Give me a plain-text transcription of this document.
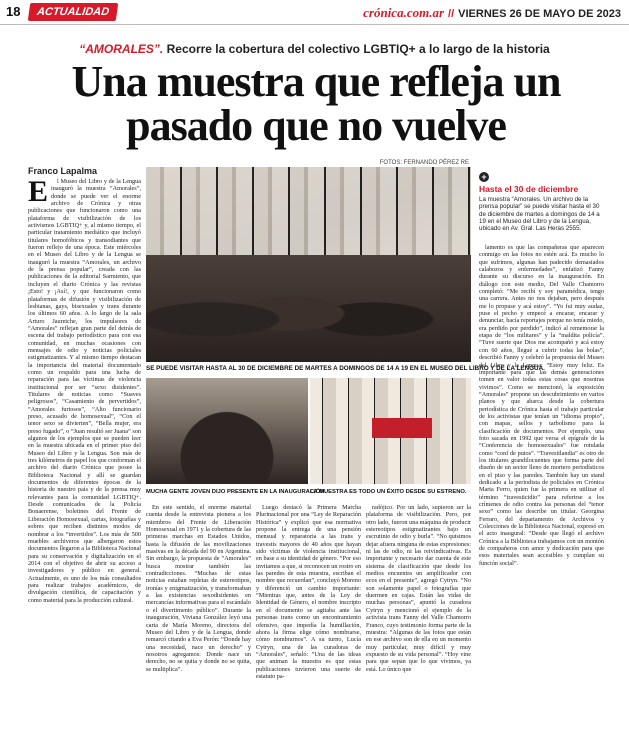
18	ACTUALIDAD	crónica.com.ar // VIERNES 26 DE MAYO DE 2023
“AMORALES”. Recorre la cobertura del colectivo LGBTIQ+ a lo largo de la historia
Una muestra que refleja un pasado que no vuelve
Franco Lapalma
E	l Museo del Libro y de la Lengua inauguró la muestra “Amorales”, donde se puede ver el enorme archivo de Crónica y otras publicaciones que funcionaron como una plataforma de visibilización de los activismos LGBTIQ+ y, al mismo tiempo, el particular tratamiento mediático que incluyó titulares homofóbicos y transodiantes que fueron reflejo de una época. Este miércoles en el Museo del Libro y de la Lengua se inauguró la muestra “Amorales, un archivo de la prensa popular”, creada con las publicaciones de la editorial Sarmiento, que incluyen el diario Crónica y las revistas ¡Esto! y ¡Así!, y que funcionaron como plataformas de difusión y visibilización de lesbianas, gays, bisexuales y trans durante los últimos 60 años. A lo largo de la sala Arturo Jauretche, los impulsores de “Amorales” reflejan gran parte del detrás de escena del trabajo periodístico para con esa comunidad, en muchas ocasiones con mensajes de odio y noticias policiales estigmatizantes. Y al mismo tiempo destacan la importancia del material documentado como un respaldo para una lucha de reparación para las víctimas de violencia institucional por ser “sexo disidentes”. Titulares de noticias como “Suaves peligrosos”, “Casamiento de pervertidos”, “Amorales furiosos”, “Alto funcionario preso, acusado de homosexual”, “Con el tenor sexo se divierten”, “Bella mujer, era preso fugado”, o “Juan resultó ser Juana” son algunos de los ejemplos que se pueden leer en la muestra ubicada en el primer piso del Museo del Libro y la Lengua. Son más de tres kilómetros de papel los que conforman el archivo del diario Crónica que posee la Biblioteca Nacional y allí se guardan documentos de diferentes épocas de la historia de nuestro país y de la prensa muy relevantes para la comunidad LGBTIQ+. Desde comunicados de la Policía Bonaerense, boletines del Frente de Liberación Homosexual, cartas, fotografías y sobres que reciben distintos modos de nombrar a los “invertidos”. Los más de 500 muebles archiveros que albergaron estos documentos llegaron a la Biblioteca Nacional para su conservación y digitalización en el 2014 con el objetivo de abrir su acceso a investigadores y público en general. Actualmente, es uno de los más consultados para realizar trabajos académicos, de divulgación científica, de capacitación y como material para la producción cultural.

FOTOS: FERNANDO PÉREZ RE
SE PUEDE VISITAR HASTA AL 30 DE DICIEMBRE DE MARTES A DOMINGOS DE 14 A 19 EN EL MUSEO DEL LIBRO Y DE LA LENGUA.
MUCHA GENTE JOVEN DIJO PRESENTE EN LA INAUGURACIÓN.
LA MUESTRA ES TODO UN ÉXITO DESDE SU ESTRENO.

En este sentido, el enorme material cuenta desde la entrevista pionera a los miembros del Frente de Liberación Homosexual en 1971 y la cobertura de las primeras marchas en Estados Unidos, hasta la difusión de las movilizaciones masivas en la década del 90 en Argentina. Sin embargo, la propuesta de “Amorales” busca mostrar también las contradicciones. “Muchas de estas noticias estaban repletas de estereotipos, ironías y enigmatización, y transformaban a las existencias sexodisidentes en mercancías informativas para el escándalo o el divertimento público”. Durante la inauguración, Viviana González leyó una carta de María Moreno, directora del Museo del Libro y de la Lengua, donde remarcó citando a Eva Perón: “Donde hay una necesidad, nace un derecho” y nosotros agregamos: Donde nace un derecho, no se quita y donde no se quita, se multiplica”.

Luego destacó la Primera Marcha Plurinacional por una “Ley de Reparación Histórica” y explicó que esa normativa propone la entrega de una pensión mensual y reparatoria a las trans y travestis mayores de 40 años que hayan sido víctimas de violencia institucional, en base a su identidad de género. “Por eso invitamos a que, si reconocen un rostro en las paredes de esta muestra, escriban el nombre que recuerdan”, concluyó Moreno y diferenció un cambio importante: “Mientras que, antes de la Ley de Identidad de Género, el nombre inscripto en el documento se agitaba ante las personas trans como un encontramiento ofensivo, que impedía la humillación, ahora la firma elige cómo nombrarse, cómo nombrarnos”. A su turno, Lucía Cytryn, una de las curadoras de “Amorales”, señaló: “Una de las ideas que animan la muestra es que estas publicaciones tuvieron una suerte de estatuto pa-

radójico. Por un lado, supieron ser la plataforma de visibilización. Pero, por otro lado, fueron una máquina de producir estereotipos estigmatizantes bajo un escrutinio de odio y burla”. “No quisimos dejar afuera ninguna de estas expresiones: ni las de odio, ni las reivindicativas. Es importante y necesario dar cuenta de este sistema de clasificación que desde los medios encuentra un amplificador con ecos en el presente”, agregó Cytryn. “No son solamente papel o fotografías que duermen en cajas. Están las vidas de muchas personas”, apuntó la curadora Cytryn y mencionó el ejemplo de la activista trans Fanny del Valle Chamorro Franco, cuyo testimonio forma parte de la muestra: “Algunas de las fotos que están en ese archivo son de ella en un momento muy particular, muy difícil y muy expuesto de su vida personal”. “Hoy vine para que sepan que lo que vivimos, ya está. Lo único que

+
Hasta el 30 de diciembre
La muestra “Amorales. Un archivo de la prensa popular” se puede visitar hasta el 30 de diciembre de martes a domingos de 14 a 19 en el Museo del Libro y de la Lengua, ubicado en Av. Gral. Las Heras 2555.

lamento es que las compañeras que aparecen conmigo en las fotos no estén acá. Es mucho lo que sufrimos, algunas han padecido demasiados calabozos y enfermedades”, enfatizó Fanny durante su discurso en la inauguración. En diálogo con este medio, Del Valle Chamorro completó: “Me recibí y soy paramédica, tengo una carrera. Antes no nos dejaban, pero después me lo propuse y acá estoy”. “Yo fui muy audaz, puse el pecho y empecé a encarar, encarar y denunciar, hacía reportajes porque no tenía miedo, era perdido por perdido”, indicó al rememorar la etapa de “los militares” y la “maldita policía”. “Tuve suerte que Dios me acompañó y acá estoy con 60 años, llegué a cubrir todas las bolas”, describió Fanny y celebró la propuesta del Museo del Libro y la Lengua: “Estoy muy feliz. Es importante para que las demás generaciones tomen en valor todas estas cosas que nosotras vivimos”. Como se mencionó, la exposición “Amorales” propone un descubrimiento en varios planos y que abarca desde la cobertura periodística de Crónica hasta el trabajo particular de los activistas que tenían un “idioma propio”, con mapas, sellos y tarbolismo para la clasificación de documentos. Por ejemplo, una foto sacada en 1992 que versa el epígrafe de la “Conferencia de homosexuales” fue rotulada como “conf de putos”. “Travestilandia” es otro de los titulares grandilocuentes que forma parte del diseño de un sector lleno de mortero periodísticos en el piso y las paredes. También hay un stand dedicado a la periodista de policiales en Crónica Marta Ferro, quien fue la primera en utilizar el término “travesticidio” para referirse a los crímenes de odio contra las personas del “tenor sexo” como las describe un titular. Georgina Ferraro, del departamento de Archivos y Colecciones de la Biblioteca Nacional, expresó en el acto inaugural: “Desde que llegó el archivo Crónica a la Biblioteca trabajamos con un montón de compañeros con amor y dedicación para que esos materiales sean accesibles y cumplan su función social”.
